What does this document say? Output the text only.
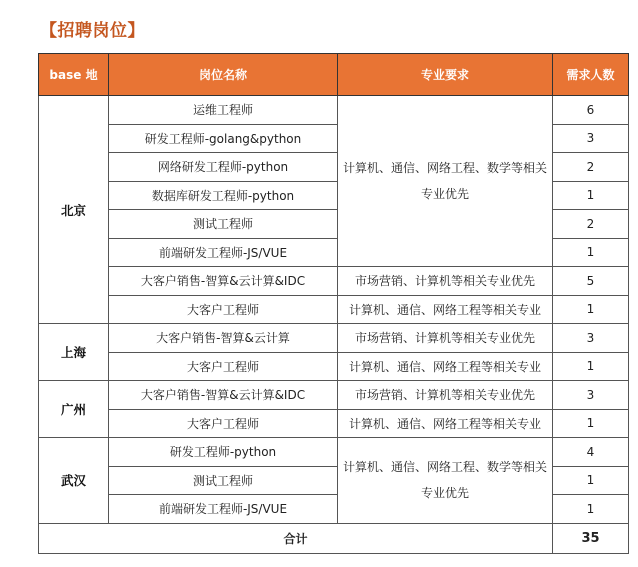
【招聘岗位】
base 地	岗位名称	专业要求	需求人数
北京	运维工程师	计算机、通信、网络工程、数学等相关专业优先	6
	研发工程师-golang&python		3
	网络研发工程师-python		2
	数据库研发工程师-python		1
	测试工程师		2
	前端研发工程师-JS/VUE		1
	大客户销售-智算&云计算&IDC	市场营销、计算机等相关专业优先	5
	大客户工程师	计算机、通信、网络工程等相关专业	1
上海	大客户销售-智算&云计算	市场营销、计算机等相关专业优先	3
	大客户工程师	计算机、通信、网络工程等相关专业	1
广州	大客户销售-智算&云计算&IDC	市场营销、计算机等相关专业优先	3
	大客户工程师	计算机、通信、网络工程等相关专业	1
武汉	研发工程师-python	计算机、通信、网络工程、数学等相关专业优先	4
	测试工程师		1
	前端研发工程师-JS/VUE		1
合计			35
